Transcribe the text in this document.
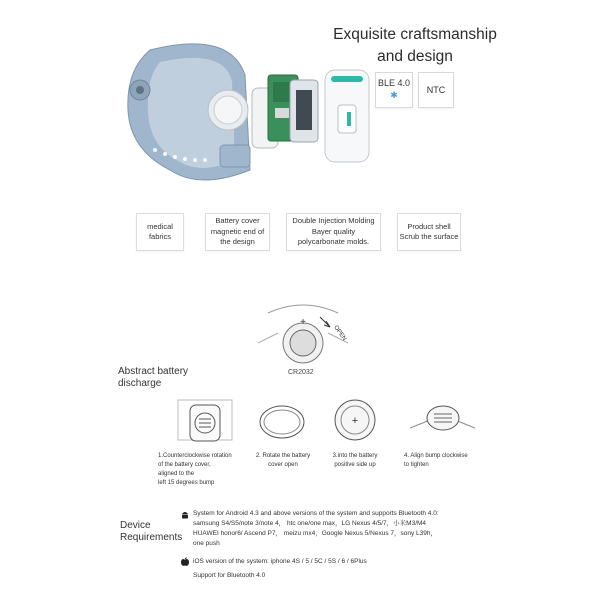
Exquisite craftsmanship
and design
BLE 4.0
✱	NTC
medical
fabrics
Battery cover
magnetic end of
the design
Double Injection Molding
Bayer quality
polycarbonate molds.
Product shell
Scrub the surface
Abstract battery
discharge
+
OPEN
CR2032
+
1.Counterclockwise rotation
of the battery cover,
aligned to the
left 15 degrees bump
2. Rotate the battery
cover open
3.into the battery
positive side up
4. Align bump clockwise
to tighten
Device
Requirements
System for Android 4.3 and above versions of the system and supports Bluetooth 4.0:
samsung S4/S5/note 3/note 4， htc one/one max，LG Nexus 4/5/7，小米M3/M4
HUAWEI honor6/ Ascend P7， meizu mx4，Google Nexus 5/Nexus 7，sony L39h，
one push
iOS version of the system: iphone 4S / 5 / 5C / 5S / 6 / 6Plus
Support for Bluetooth 4.0
